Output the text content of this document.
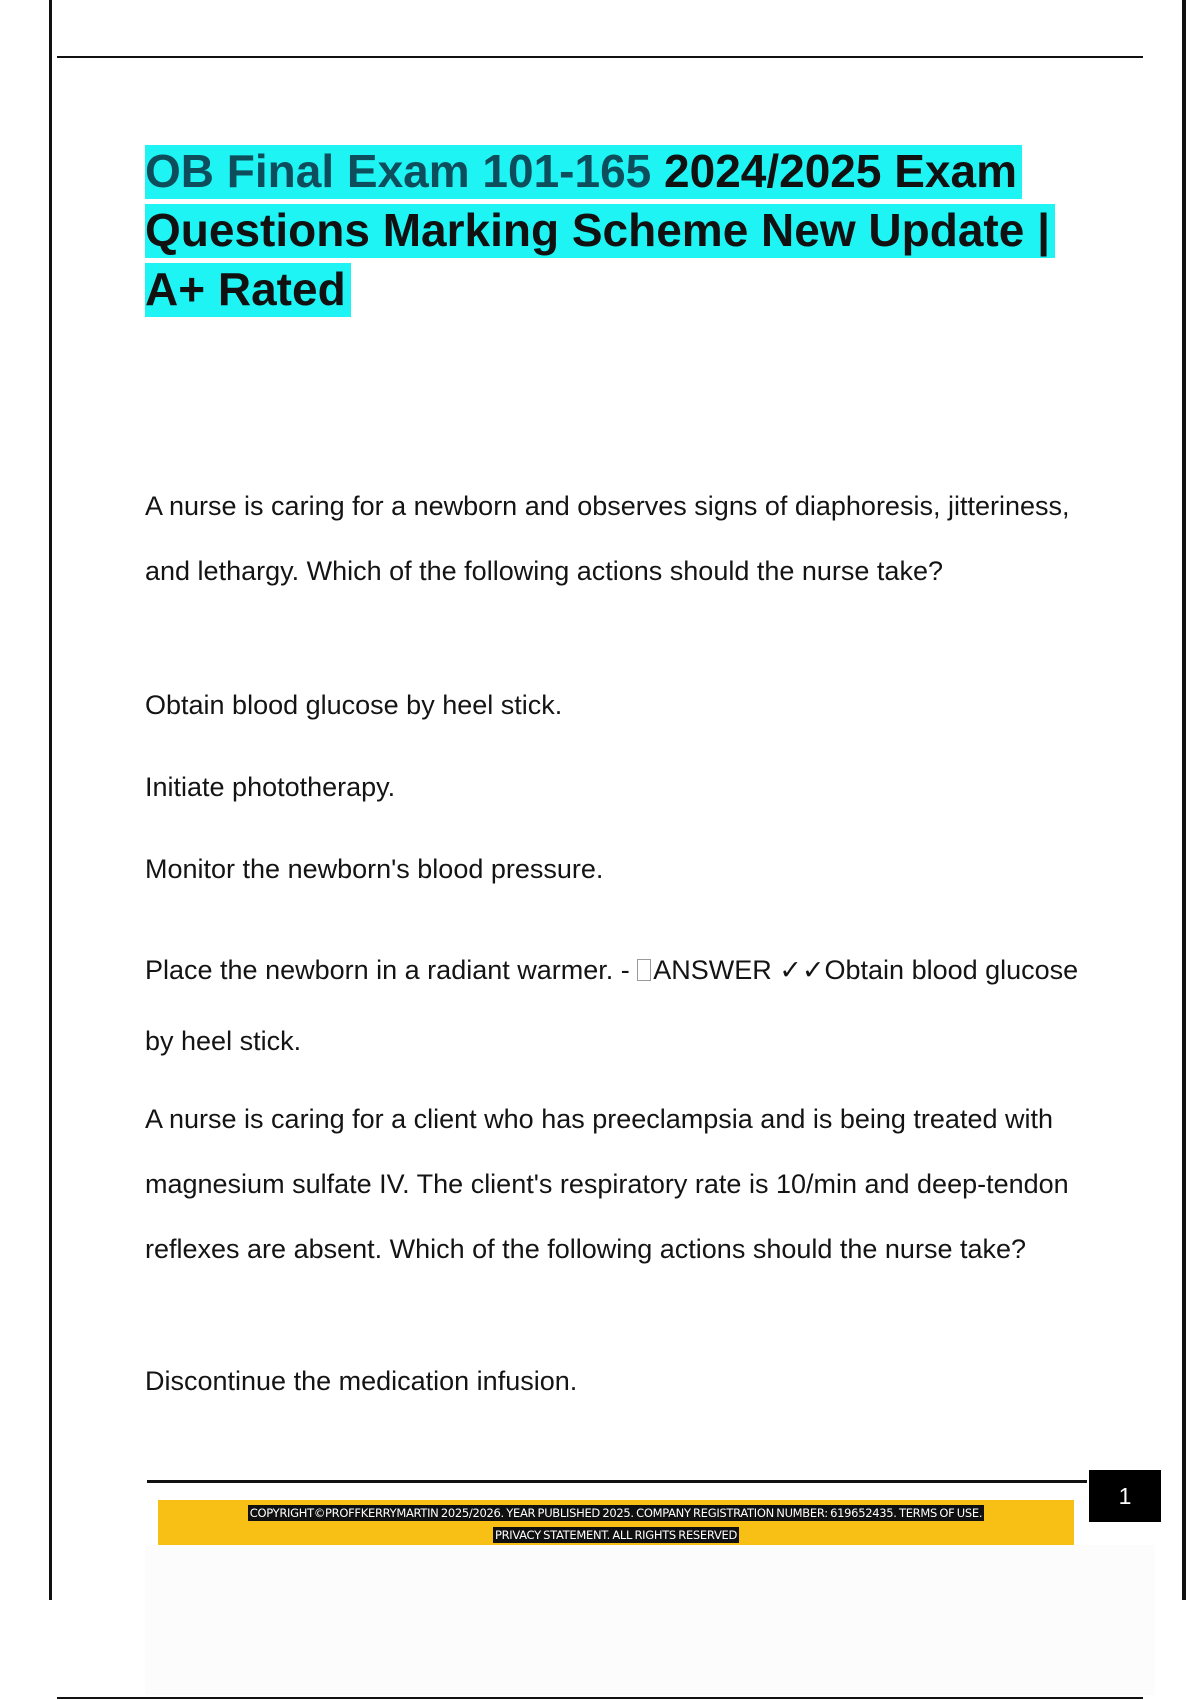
OB Final Exam 101-165 2024/2025 Exam Questions Marking Scheme New Update | A+ Rated

A nurse is caring for a newborn and observes signs of diaphoresis, jitteriness, and lethargy. Which of the following actions should the nurse take?

Obtain blood glucose by heel stick.

Initiate phototherapy.

Monitor the newborn's blood pressure.

Place the newborn in a radiant warmer. - ANSWER ✓✓Obtain blood glucose by heel stick.

A nurse is caring for a client who has preeclampsia and is being treated with magnesium sulfate IV. The client's respiratory rate is 10/min and deep-tendon reflexes are absent. Which of the following actions should the nurse take?

Discontinue the medication infusion.

1

COPYRIGHT©PROFFKERRYMARTIN 2025/2026. YEAR PUBLISHED 2025. COMPANY REGISTRATION NUMBER: 619652435. TERMS OF USE.
PRIVACY STATEMENT. ALL RIGHTS RESERVED
